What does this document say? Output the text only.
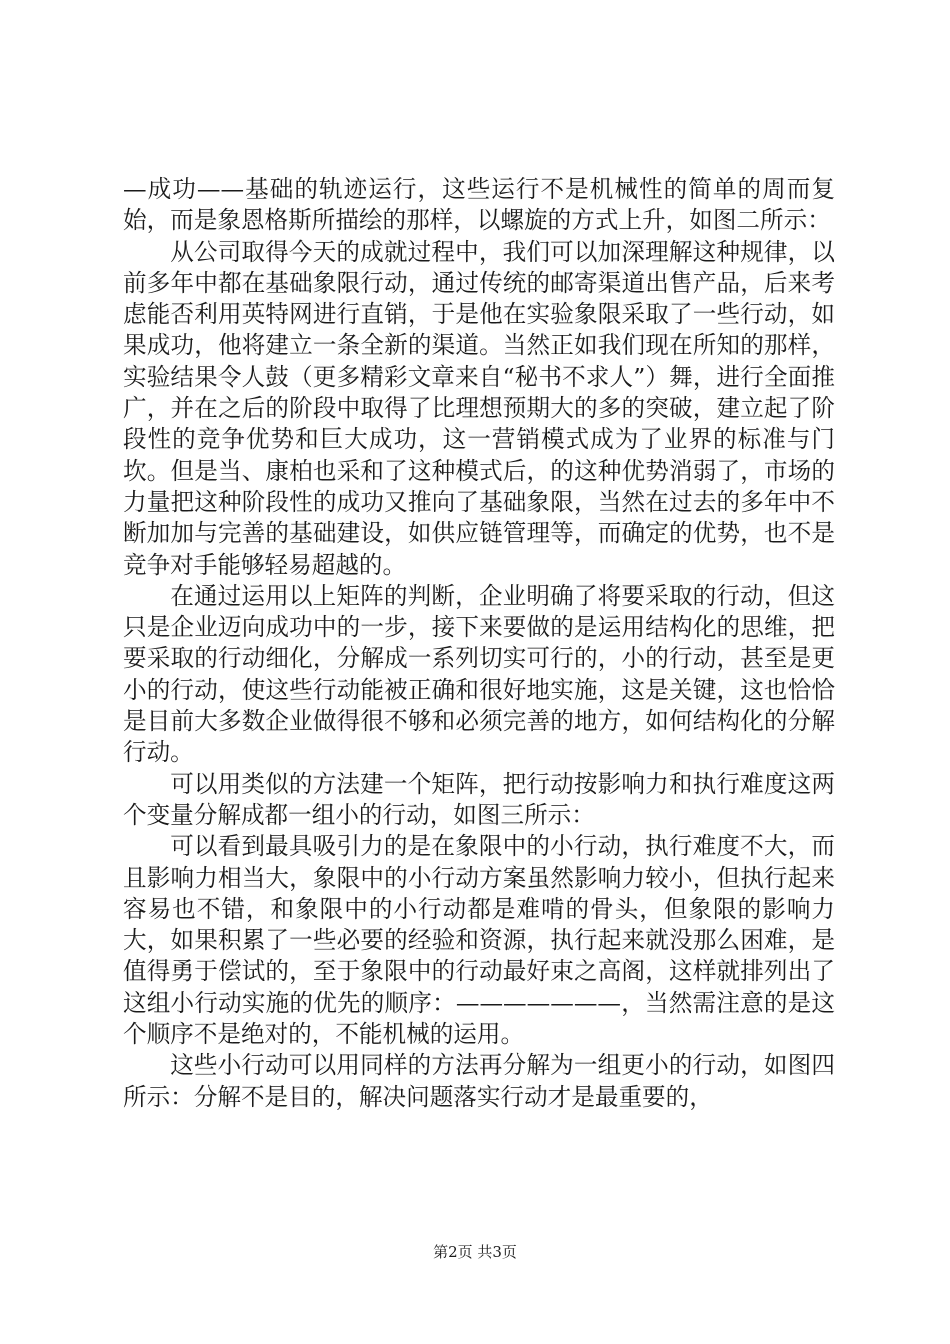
—成功——基础的轨迹运行，这些运行不是机械性的简单的周而复始，而是象恩格斯所描绘的那样，以螺旋的方式上升，如图二所示：

从公司取得今天的成就过程中，我们可以加深理解这种规律，以前多年中都在基础象限行动，通过传统的邮寄渠道出售产品，后来考虑能否利用英特网进行直销，于是他在实验象限采取了一些行动，如果成功，他将建立一条全新的渠道。当然正如我们现在所知的那样，实验结果令人鼓（更多精彩文章来自“秘书不求人”）舞，进行全面推广，并在之后的阶段中取得了比理想预期大的多的突破，建立起了阶段性的竞争优势和巨大成功，这一营销模式成为了业界的标准与门坎。但是当、康柏也采和了这种模式后，的这种优势消弱了，市场的力量把这种阶段性的成功又推向了基础象限，当然在过去的多年中不断加加与完善的基础建设，如供应链管理等，而确定的优势，也不是竞争对手能够轻易超越的。

在通过运用以上矩阵的判断，企业明确了将要采取的行动，但这只是企业迈向成功中的一步，接下来要做的是运用结构化的思维，把要采取的行动细化，分解成一系列切实可行的，小的行动，甚至是更小的行动，使这些行动能被正确和很好地实施，这是关键，这也恰恰是目前大多数企业做得很不够和必须完善的地方，如何结构化的分解行动。

可以用类似的方法建一个矩阵，把行动按影响力和执行难度这两个变量分解成都一组小的行动，如图三所示：

可以看到最具吸引力的是在象限中的小行动，执行难度不大，而且影响力相当大，象限中的小行动方案虽然影响力较小，但执行起来容易也不错，和象限中的小行动都是难啃的骨头，但象限的影响力大，如果积累了一些必要的经验和资源，执行起来就没那么困难，是值得勇于偿试的，至于象限中的行动最好束之高阁，这样就排列出了这组小行动实施的优先的顺序：———————，当然需注意的是这个顺序不是绝对的，不能机械的运用。

这些小行动可以用同样的方法再分解为一组更小的行动，如图四所示：分解不是目的，解决问题落实行动才是最重要的，

第2页 共3页
